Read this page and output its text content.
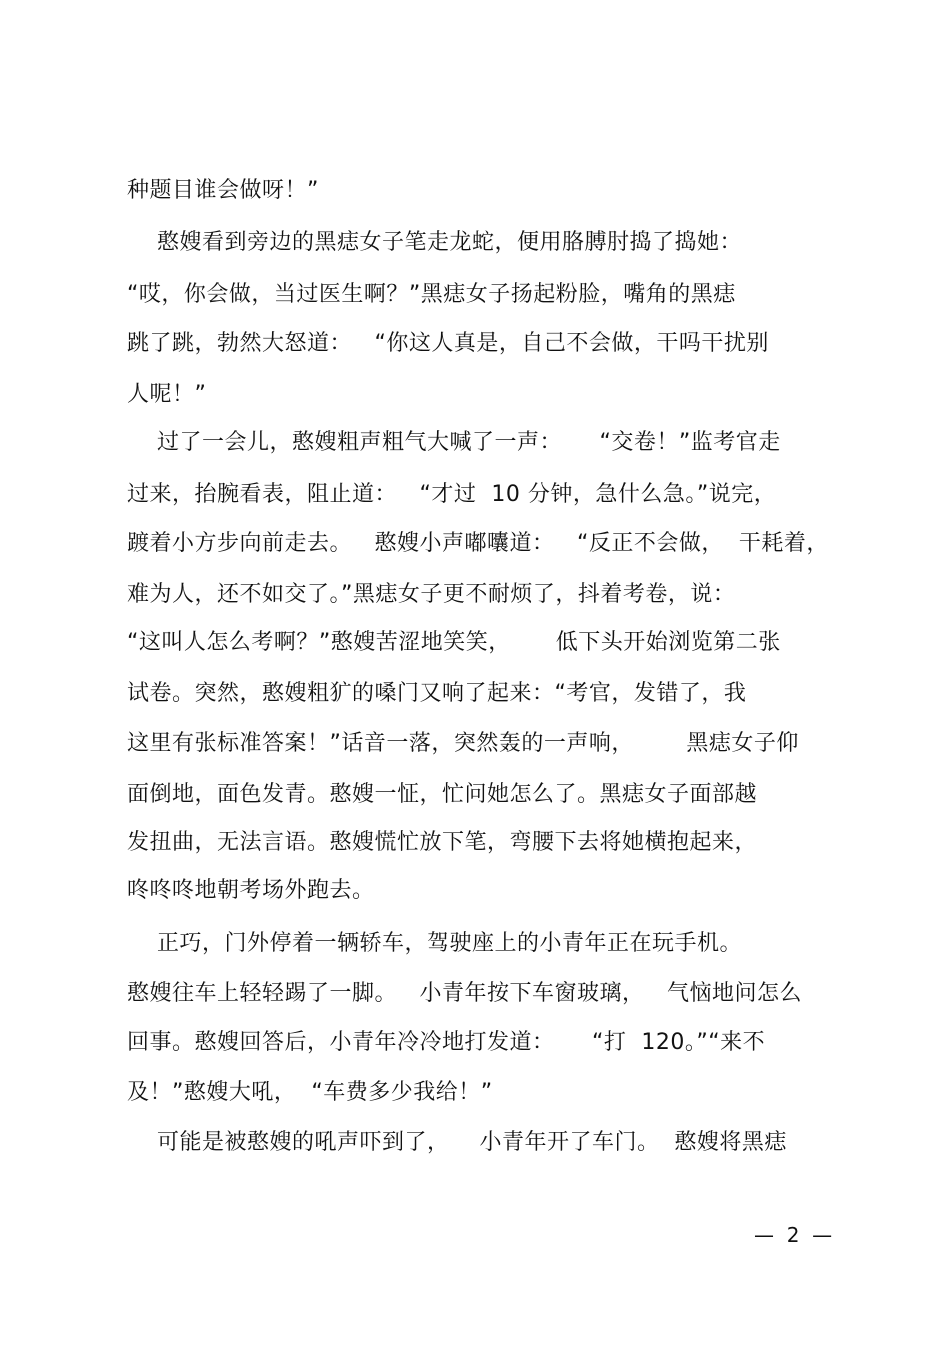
种题目谁会做呀！”
憨嫂看到旁边的黑痣女子笔走龙蛇，便用胳膊肘捣了捣她：
“哎，你会做，当过医生啊？”黑痣女子扬起粉脸，嘴角的黑痣
跳了跳，勃然大怒道：   “你这人真是，自己不会做，干吗干扰别
人呢！”
过了一会儿，憨嫂粗声粗气大喊了一声：     “交卷！”监考官走
过来，抬腕看表，阻止道：   “才过  10 分钟，急什么急。”说完，
踱着小方步向前走去。   憨嫂小声嘟囔道：   “反正不会做，  干耗着，
难为人，还不如交了。”黑痣女子更不耐烦了，抖着考卷，说：
“这叫人怎么考啊？”憨嫂苦涩地笑笑，      低下头开始浏览第二张
试卷。突然，憨嫂粗犷的嗓门又响了起来：“考官，发错了，我
这里有张标准答案！”话音一落，突然轰的一声响，       黑痣女子仰
面倒地，面色发青。憨嫂一怔，忙问她怎么了。黑痣女子面部越
发扭曲，无法言语。憨嫂慌忙放下笔，弯腰下去将她横抱起来，
咚咚咚地朝考场外跑去。
正巧，门外停着一辆轿车，驾驶座上的小青年正在玩手机。
憨嫂往车上轻轻踢了一脚。   小青年按下车窗玻璃，   气恼地问怎么
回事。憨嫂回答后，小青年冷冷地打发道：     “打  120。”“来不
及！”憨嫂大吼，  “车费多少我给！”
可能是被憨嫂的吼声吓到了，    小青年开了车门。  憨嫂将黑痣
—  2  —
